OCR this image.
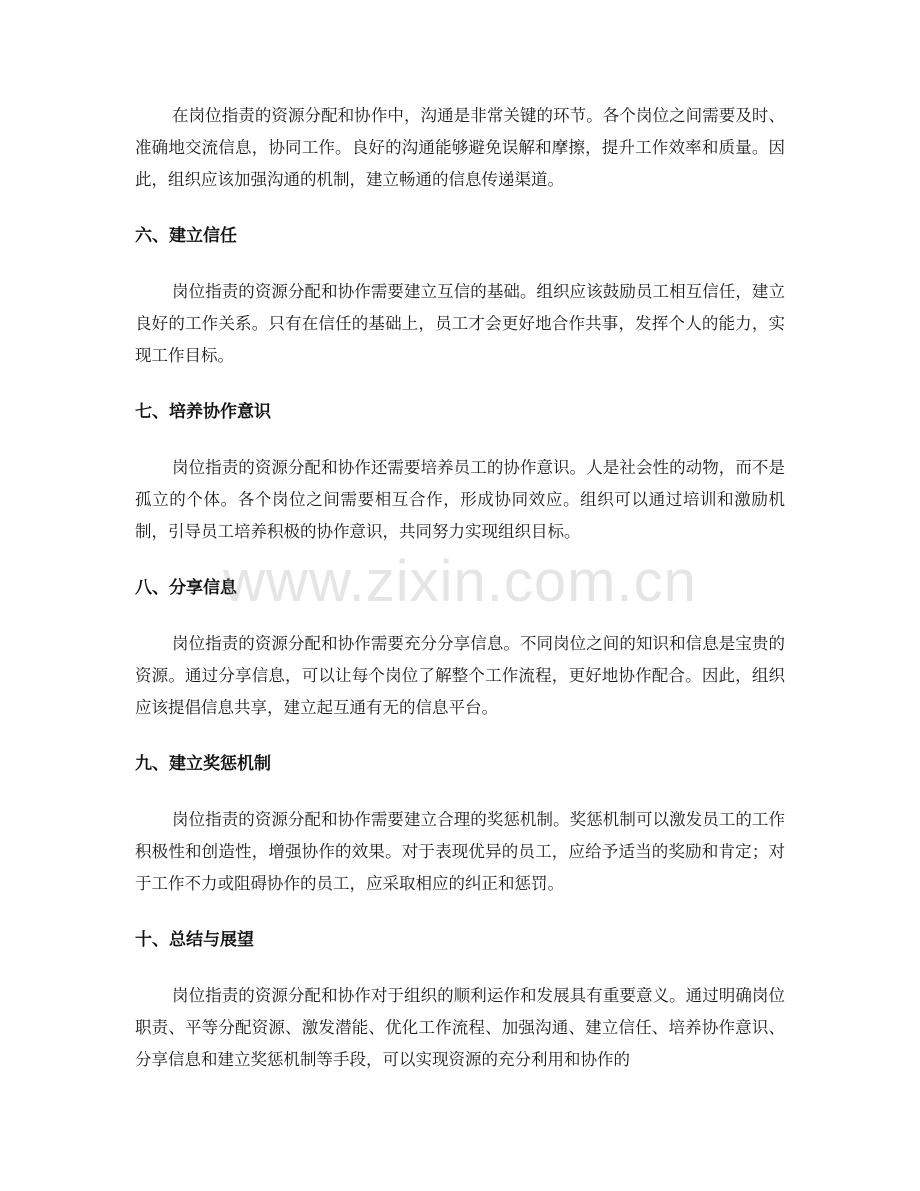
在岗位指责的资源分配和协作中，沟通是非常关键的环节。各个岗位之间需要及时、准确地交流信息，协同工作。良好的沟通能够避免误解和摩擦，提升工作效率和质量。因此，组织应该加强沟通的机制，建立畅通的信息传递渠道。

六、建立信任

岗位指责的资源分配和协作需要建立互信的基础。组织应该鼓励员工相互信任，建立良好的工作关系。只有在信任的基础上，员工才会更好地合作共事，发挥个人的能力，实现工作目标。

七、培养协作意识

岗位指责的资源分配和协作还需要培养员工的协作意识。人是社会性的动物，而不是孤立的个体。各个岗位之间需要相互合作，形成协同效应。组织可以通过培训和激励机制，引导员工培养积极的协作意识，共同努力实现组织目标。

八、分享信息

岗位指责的资源分配和协作需要充分分享信息。不同岗位之间的知识和信息是宝贵的资源。通过分享信息，可以让每个岗位了解整个工作流程，更好地协作配合。因此，组织应该提倡信息共享，建立起互通有无的信息平台。

九、建立奖惩机制

岗位指责的资源分配和协作需要建立合理的奖惩机制。奖惩机制可以激发员工的工作积极性和创造性，增强协作的效果。对于表现优异的员工，应给予适当的奖励和肯定；对于工作不力或阻碍协作的员工，应采取相应的纠正和惩罚。

十、总结与展望

岗位指责的资源分配和协作对于组织的顺利运作和发展具有重要意义。通过明确岗位职责、平等分配资源、激发潜能、优化工作流程、加强沟通、建立信任、培养协作意识、分享信息和建立奖惩机制等手段，可以实现资源的充分利用和协作的

www.zixin.com.cn
